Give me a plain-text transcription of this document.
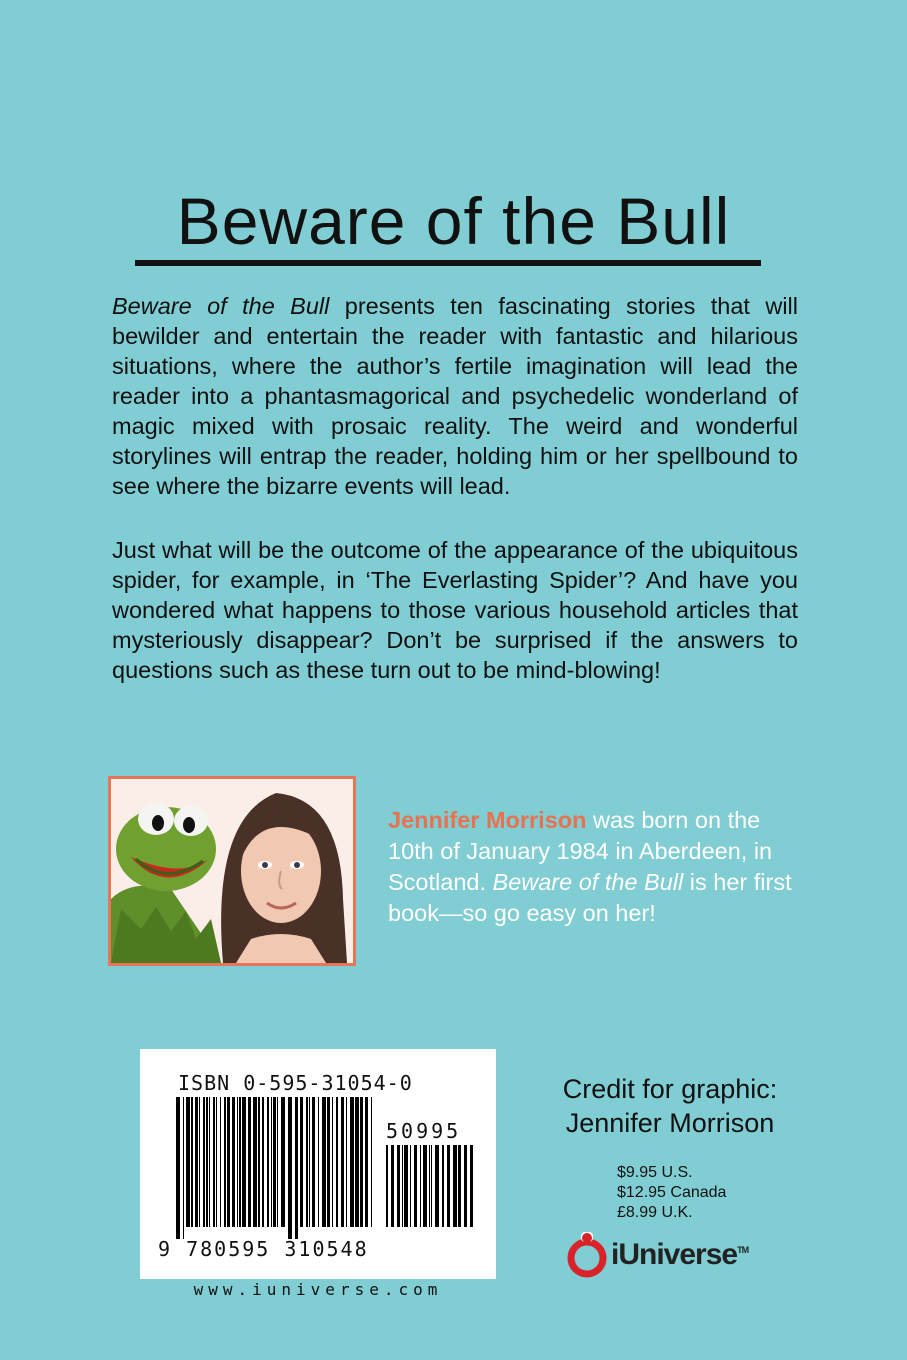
Beware of the Bull

Beware of the Bull presents ten fascinating stories that will bewilder and entertain the reader with fantastic and hilarious situations, where the author’s fertile imagination will lead the reader into a phantasmagorical and psychedelic wonderland of magic mixed with prosaic reality. The weird and wonderful storylines will entrap the reader, holding him or her spellbound to see where the bizarre events will lead.

Just what will be the outcome of the appearance of the ubiquitous spider, for example, in ‘The Everlasting Spider’? And have you wondered what happens to those various household articles that mysteriously disappear? Don’t be surprised if the answers to questions such as these turn out to be mind-blowing!

Jennifer Morrison was born on the 10th of January 1984 in Aberdeen, in Scotland. Beware of the Bull is her first book—so go easy on her!

ISBN 0-595-31054-0
50995
9 780595 310548
www.iuniverse.com
Credit for graphic:
Jennifer Morrison
$9.95 U.S.
$12.95 Canada
£8.99 U.K.
iUniverse™
